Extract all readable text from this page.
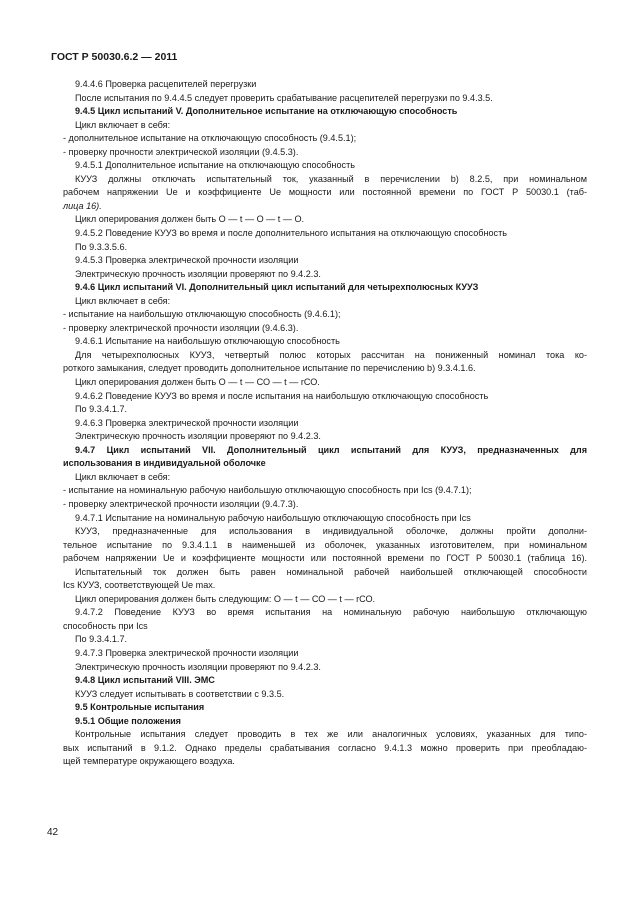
ГОСТ Р 50030.6.2 — 2011
9.4.4.6 Проверка расцепителей перегрузки
После испытания по 9.4.4.5 следует проверить срабатывание расцепителей перегрузки по 9.4.3.5.
9.4.5 Цикл испытаний V. Дополнительное испытание на отключающую способность
Цикл включает в себя:
- дополнительное испытание на отключающую способность (9.4.5.1);
- проверку прочности электрической изоляции (9.4.5.3).
9.4.5.1 Дополнительное испытание на отключающую способность
КУУЗ должны отключать испытательный ток, указанный в перечислении b) 8.2.5, при номинальном
рабочем напряжении Ue и коэффициенте Ue мощности или постоянной времени по ГОСТ Р 50030.1 (таб-
лица 16).
Цикл оперирования должен быть О — t — О — t — О.
9.4.5.2 Поведение КУУЗ во время и после дополнительного испытания на отключающую способность
По 9.3.3.5.6.
9.4.5.3 Проверка электрической прочности изоляции
Электрическую прочность изоляции проверяют по 9.4.2.3.
9.4.6 Цикл испытаний VI. Дополнительный цикл испытаний для четырехполюсных КУУЗ
Цикл включает в себя:
- испытание на наибольшую отключающую способность (9.4.6.1);
- проверку электрической прочности изоляции (9.4.6.3).
9.4.6.1 Испытание на наибольшую отключающую способность
Для четырехполюсных КУУЗ, четвертый полюс которых рассчитан на пониженный номинал тока ко-
роткого замыкания, следует проводить дополнительное испытание по перечислению b) 9.3.4.1.6.
Цикл оперирования должен быть О — t — СО — t — rСО.
9.4.6.2 Поведение КУУЗ во время и после испытания на наибольшую отключающую способность
По 9.3.4.1.7.
9.4.6.3 Проверка электрической прочности изоляции
Электрическую прочность изоляции проверяют по 9.4.2.3.
9.4.7 Цикл испытаний VII. Дополнительный цикл испытаний для КУУЗ, предназначенных для
использования в индивидуальной оболочке
Цикл включает в себя:
- испытание на номинальную рабочую наибольшую отключающую способность при Ics (9.4.7.1);
- проверку электрической прочности изоляции (9.4.7.3).
9.4.7.1 Испытание на номинальную рабочую наибольшую отключающую способность при Ics
КУУЗ, предназначенные для использования в индивидуальной оболочке, должны пройти дополни-
тельное испытание по 9.3.4.1.1 в наименьшей из оболочек, указанных изготовителем, при номинальном
рабочем напряжении Ue и коэффициенте мощности или постоянной времени по ГОСТ Р 50030.1 (таблица 16).
Испытательный ток должен быть равен номинальной рабочей наибольшей отключающей способности
Ics КУУЗ, соответствующей Ue max.
Цикл оперирования должен быть следующим: О — t — СО — t — rСО.
9.4.7.2 Поведение КУУЗ во время испытания на номинальную рабочую наибольшую отключающую
способность при Ics
По 9.3.4.1.7.
9.4.7.3 Проверка электрической прочности изоляции
Электрическую прочность изоляции проверяют по 9.4.2.3.
9.4.8 Цикл испытаний VIII. ЭМС
КУУЗ следует испытывать в соответствии с 9.3.5.
9.5 Контрольные испытания
9.5.1 Общие положения
Контрольные испытания следует проводить в тех же или аналогичных условиях, указанных для типо-
вых испытаний в 9.1.2. Однако пределы срабатывания согласно 9.4.1.3 можно проверить при преобладаю-
щей температуре окружающего воздуха.
42
